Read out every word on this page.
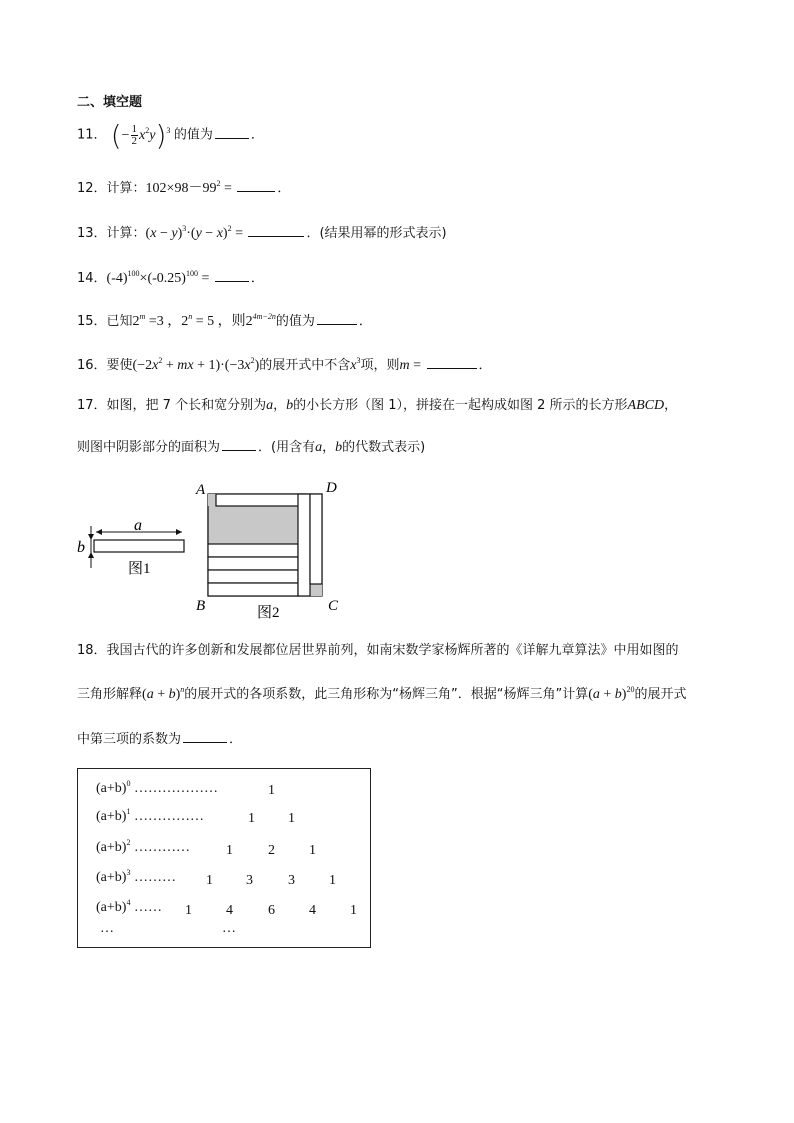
二、填空题
11． (− $\frac{1}{2} x^2y)^3$ 的值为	．
12．计算：$102\times 98-99^2$ =	．
13．计算：$(x - y)^3\cdot(y - x)^2$ =	．(结果用幂的形式表示)
14．$(-4)^{100}\times(-0.25)^{100}$ =	．
15．已知$2^m =3$ ，$2^n = 5$ ，则$2^{4m-2n}$的值为	．
16．要使($-2x^2$ + mx + $1)\cdot(-3x^2)$的展开式中不含$x^3$项，则m =	．
17．如图，把 7 个长和宽分别为a，b的小长方形（图 1），拼接在一起构成如图 2 所示的长方形ABCD，
则图中阴影部分的面积为	．(用含有a，b的代数式表示)
a
b
图1
A	D
B	C
图2
18．我国古代的许多创新和发展都位居世界前列，如南宋数学家杨辉所著的《详解九章算法》中用如图的
三角形解释$(a + b)^n$的展开式的各项系数，此三角形称为“杨辉三角”．根据“杨辉三角”计算$(a + b)^{20}$的展开式
中第三项的系数为	．
$(a+b)^0$ ………………	1
$(a+b)^1$ ……………	1 1
$(a+b)^2$ …………	1	2 1
$(a+b)^3$ ……… 1 3	3 1
$(a+b)^4$ …… 1 4	6 4 1
…	…
